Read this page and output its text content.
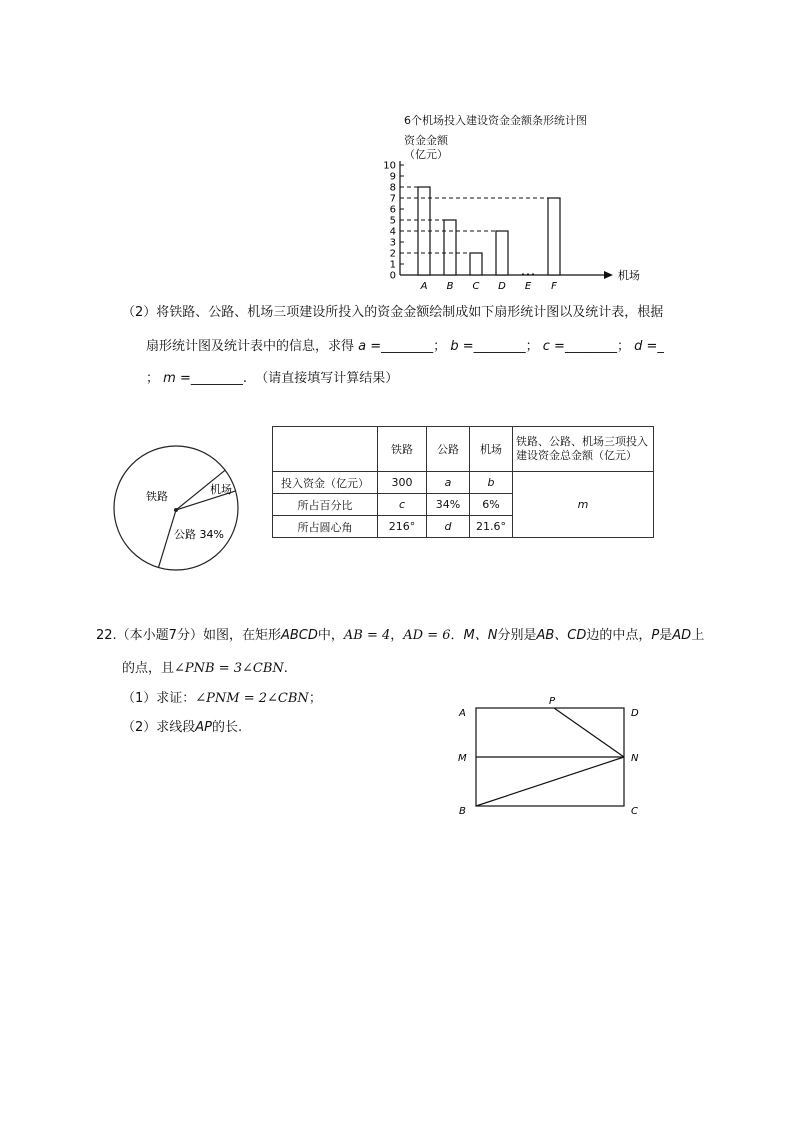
6个机场投入建设资金金额条形统计图
资金金额
（亿元）
机场
0
1
2
3
4
5
6
7
8
9
10
A B C D E F
（2）将铁路、公路、机场三项建设所投入的资金金额绘制成如下扇形统计图以及统计表，根据
扇形统计图及统计表中的信息，求得 a =________； b =________； c =________； d =_
； m =________. （请直接填写计算结果）
铁路
公路 34%
机场
	铁路	公路	机场	铁路、公路、机场三项投入建设资金总金额（亿元）
投入资金（亿元）	300	a	b	m
所占百分比	c	34%	6%	
所占圆心角	216°	d	21.6°	
22.（本小题7分）如图，在矩形ABCD中，AB = 4，AD = 6．M、N分别是AB、CD边的中点，P是AD上
的点，且∠PNB = 3∠CBN.
（1）求证：∠PNM = 2∠CBN；
（2）求线段AP的长.
A
B	C
D
M	N
P
